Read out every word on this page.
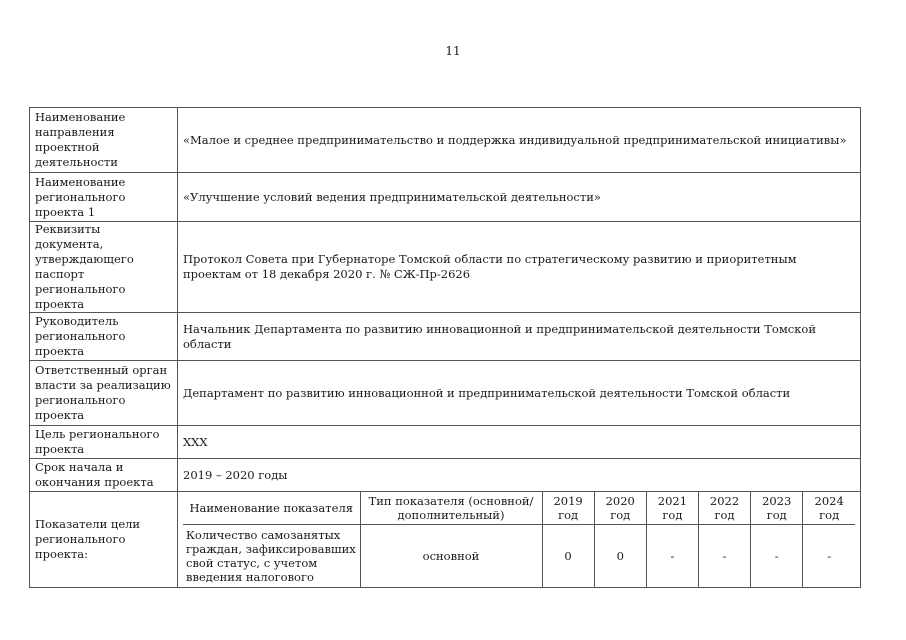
11
Наименование направления проектной деятельности	«Малое и среднее предпринимательство и поддержка индивидуальной предпринимательской инициативы»
Наименование регионального проекта 1	«Улучшение условий ведения предпринимательской деятельности»
Реквизиты документа, утверждающего паспорт регионального проекта	Протокол Совета при Губернаторе Томской области по стратегическому развитию и приоритетным проектам от 18 декабря 2020 г. № СЖ-Пр-2626
Руководитель регионального проекта	Начальник Департамента по развитию инновационной и предпринимательской деятельности Томской области
Ответственный орган власти за реализацию регионального проекта	Департамент по развитию инновационной и предпринимательской деятельности Томской области
Цель регионального проекта	ХХХ
Срок начала и окончания проекта	2019 – 2020 годы
Показатели цели регионального проекта:	
Наименование показателя	Тип показателя (основной/дополнительный)	2019 год	2020 год	2021 год	2022 год	2023 год	2024 год
Количество самозанятых граждан, зафиксировавших свой статус, с учетом введения налогового	основной	0	0	-	-	-	-
